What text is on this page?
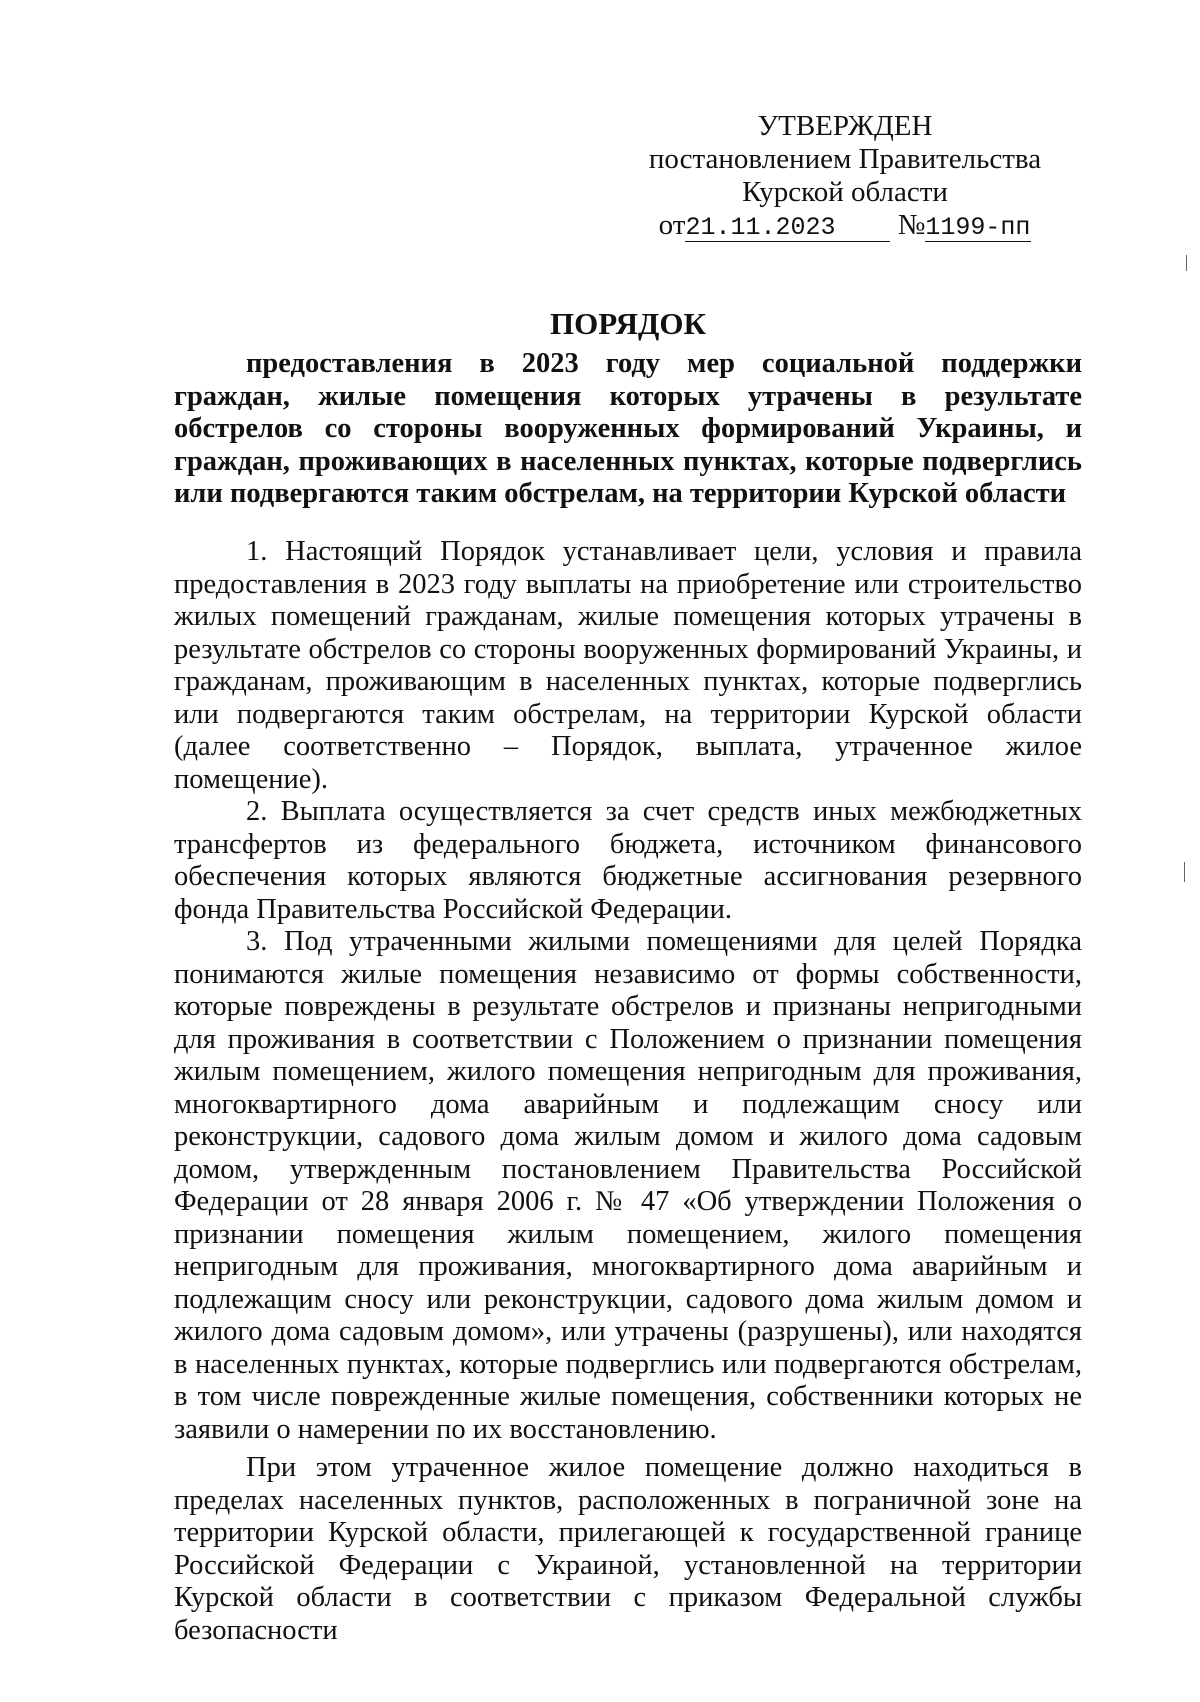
УТВЕРЖДЕН
постановлением Правительства
Курской области
от21.11.2023 №1199-пп
ПОРЯДОК
предоставления в 2023 году мер социальной поддержки граждан, жилые помещения которых утрачены в результате обстрелов со стороны вооруженных формирований Украины, и граждан, проживающих в населенных пунктах, которые подверглись или подвергаются таким обстрелам, на территории Курской области

1. Настоящий Порядок устанавливает цели, условия и правила предоставления в 2023 году выплаты на приобретение или строительство жилых помещений гражданам, жилые помещения которых утрачены в результате обстрелов со стороны вооруженных формирований Украины, и гражданам, проживающим в населенных пунктах, которые подверглись или подвергаются таким обстрелам, на территории Курской области (далее соответственно – Порядок, выплата, утраченное жилое помещение).

2. Выплата осуществляется за счет средств иных межбюджетных трансфертов из федерального бюджета, источником финансового обеспечения которых являются бюджетные ассигнования резервного фонда Правительства Российской Федерации.

3. Под утраченными жилыми помещениями для целей Порядка понимаются жилые помещения независимо от формы собственности, которые повреждены в результате обстрелов и признаны непригодными для проживания в соответствии с Положением о признании помещения жилым помещением, жилого помещения непригодным для проживания, многоквартирного дома аварийным и подлежащим сносу или реконструкции, садового дома жилым домом и жилого дома садовым домом, утвержденным постановлением Правительства Российской Федерации от 28 января 2006 г. № 47 «Об утверждении Положения о признании помещения жилым помещением, жилого помещения непригодным для проживания, многоквартирного дома аварийным и подлежащим сносу или реконструкции, садового дома жилым домом и жилого дома садовым домом», или утрачены (разрушены), или находятся в населенных пунктах, которые подверглись или подвергаются обстрелам, в том числе поврежденные жилые помещения, собственники которых не заявили о намерении по их восстановлению.

При этом утраченное жилое помещение должно находиться в пределах населенных пунктов, расположенных в пограничной зоне на территории Курской области, прилегающей к государственной границе Российской Федерации с Украиной, установленной на территории Курской области в соответствии с приказом Федеральной службы безопасности
